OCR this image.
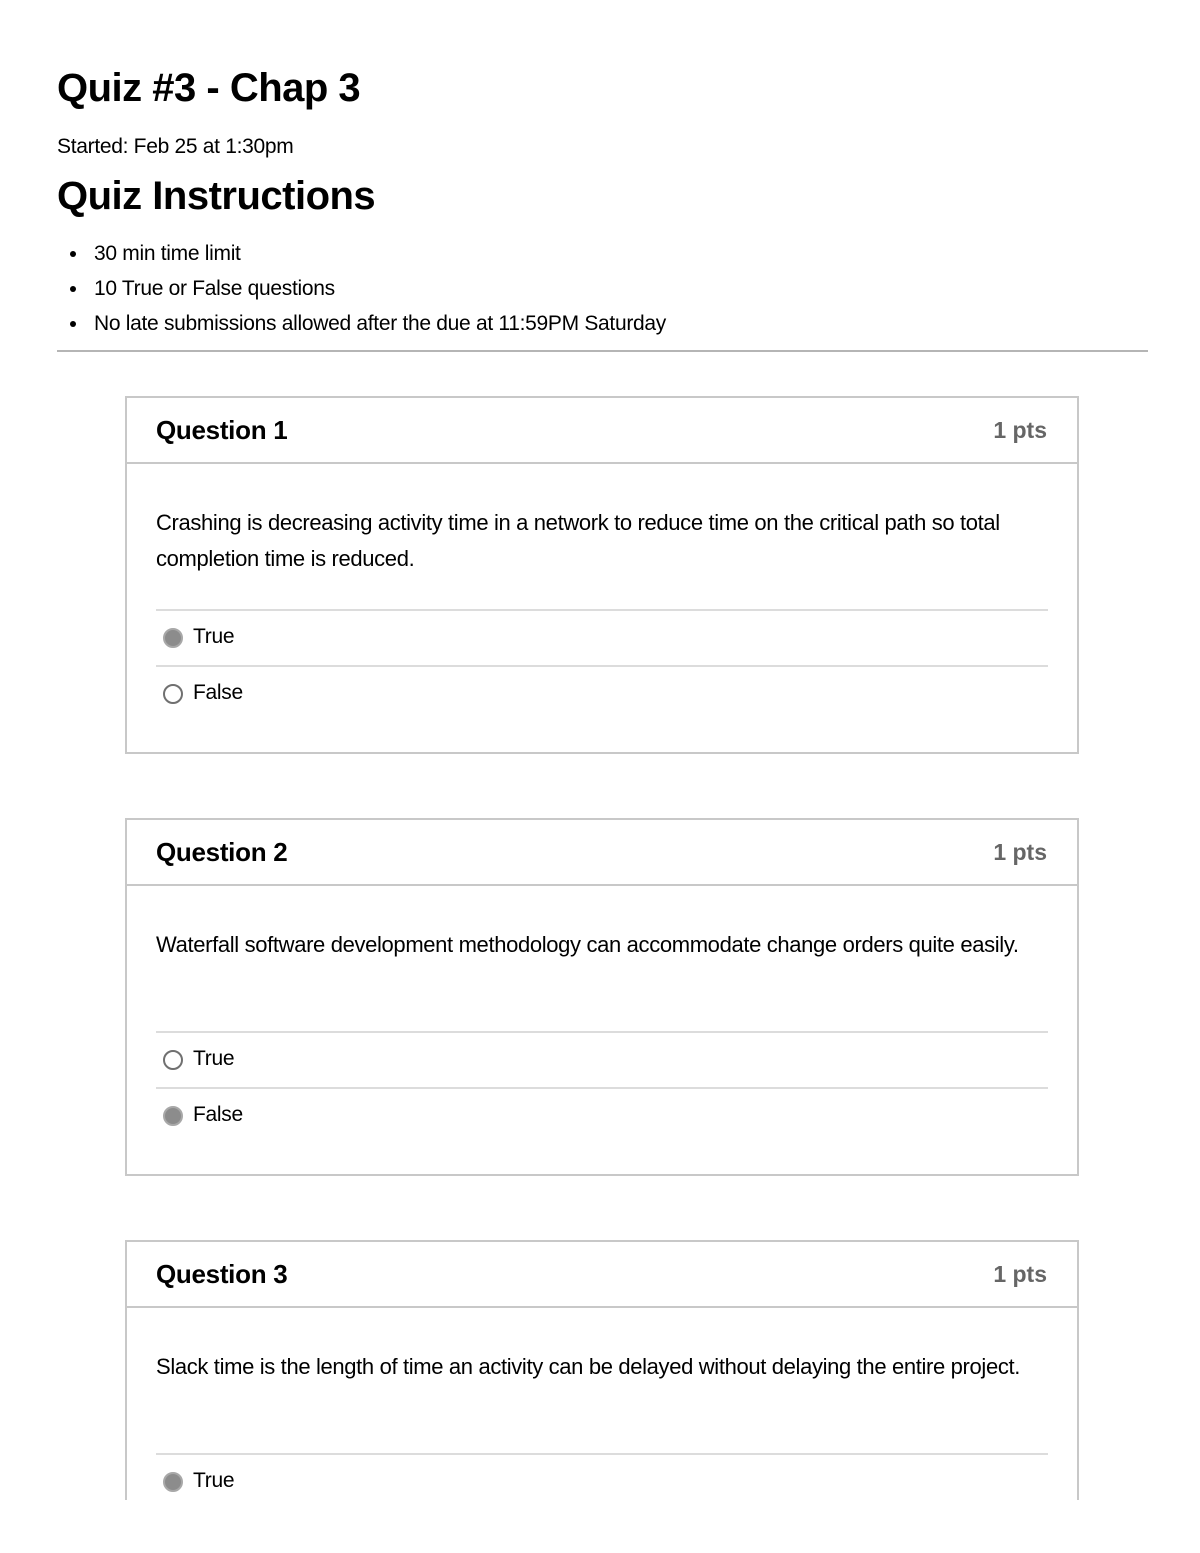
Quiz #3 - Chap 3

Started: Feb 25 at 1:30pm

Quiz Instructions
30 min time limit
10 True or False questions
No late submissions allowed after the due at 11:59PM Saturday
Question 1	1 pts

Crashing is decreasing activity time in a network to reduce time on the critical path so total completion time is reduced.

True
False
Question 2	1 pts

Waterfall software development methodology can accommodate change orders quite easily.

True
False
Question 3	1 pts

Slack time is the length of time an activity can be delayed without delaying the entire project.

True
